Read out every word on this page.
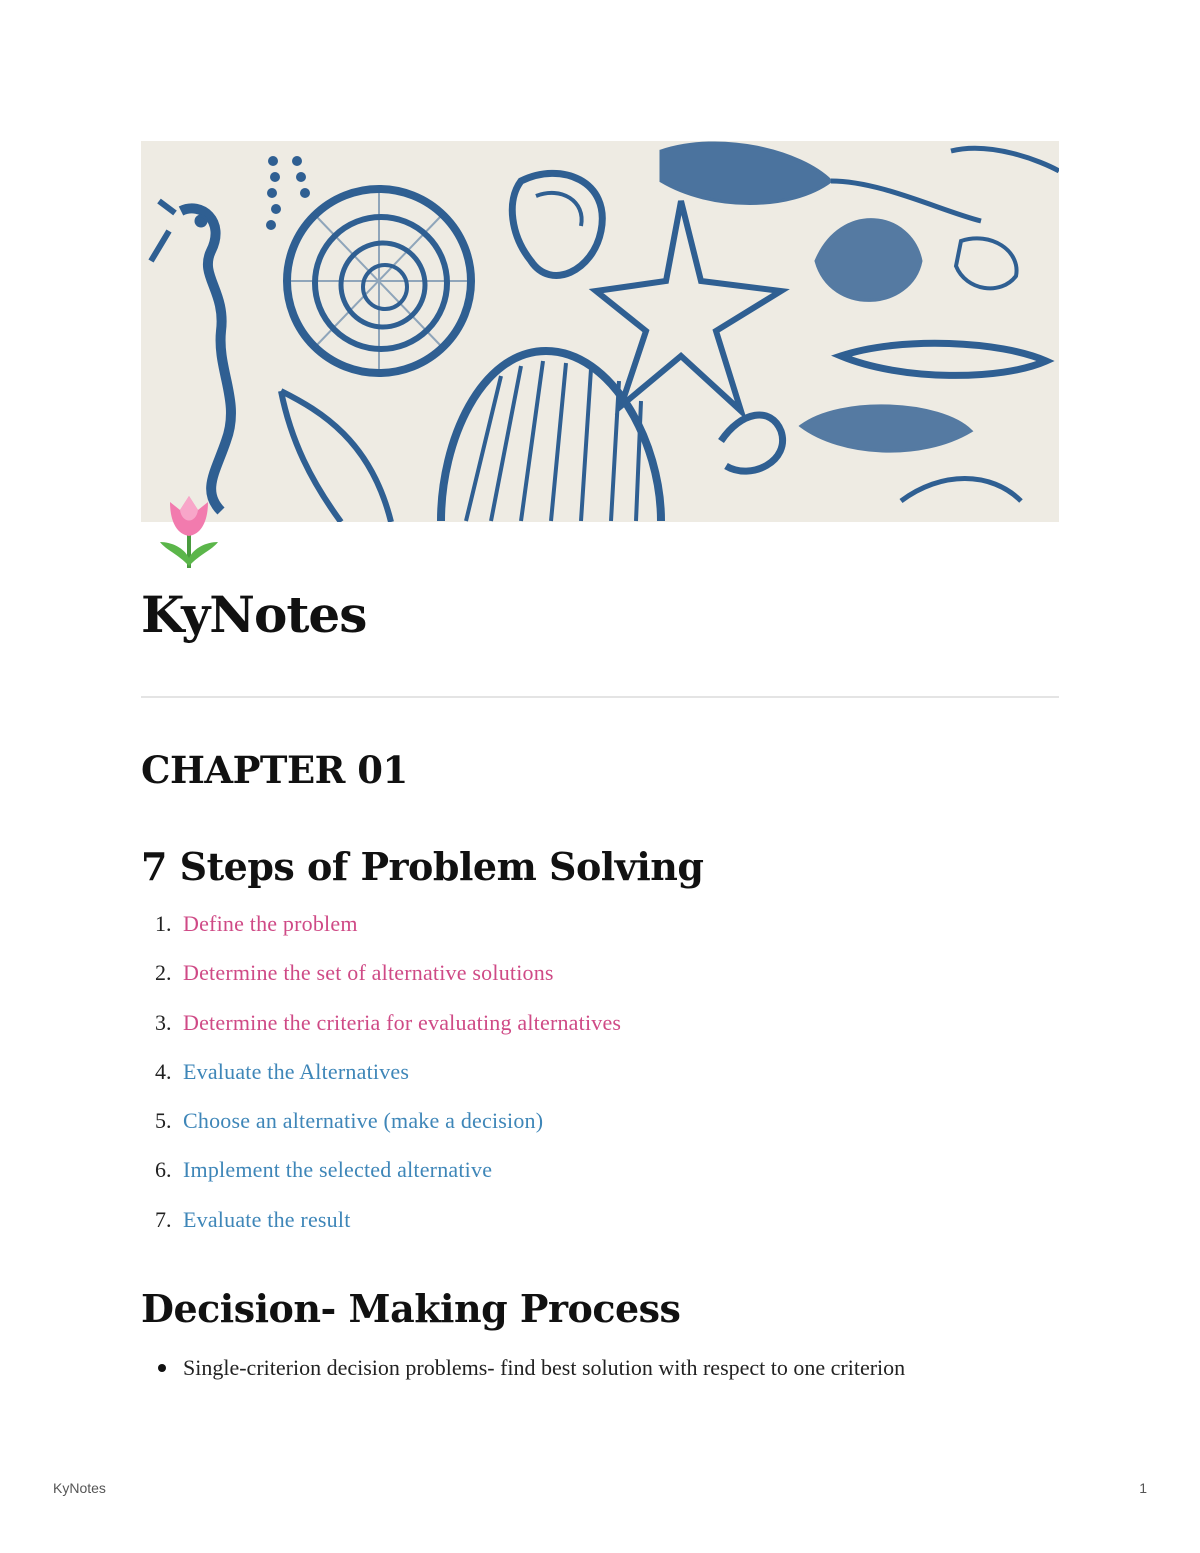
KyNotes
CHAPTER 01
7 Steps of Problem Solving
1. Define the problem
2. Determine the set of alternative solutions
3. Determine the criteria for evaluating alternatives
4. Evaluate the Alternatives
5. Choose an alternative (make a decision)
6. Implement the selected alternative
7. Evaluate the result
Decision- Making Process
Single-criterion decision problems- find best solution with respect to one criterion
KyNotes	1
